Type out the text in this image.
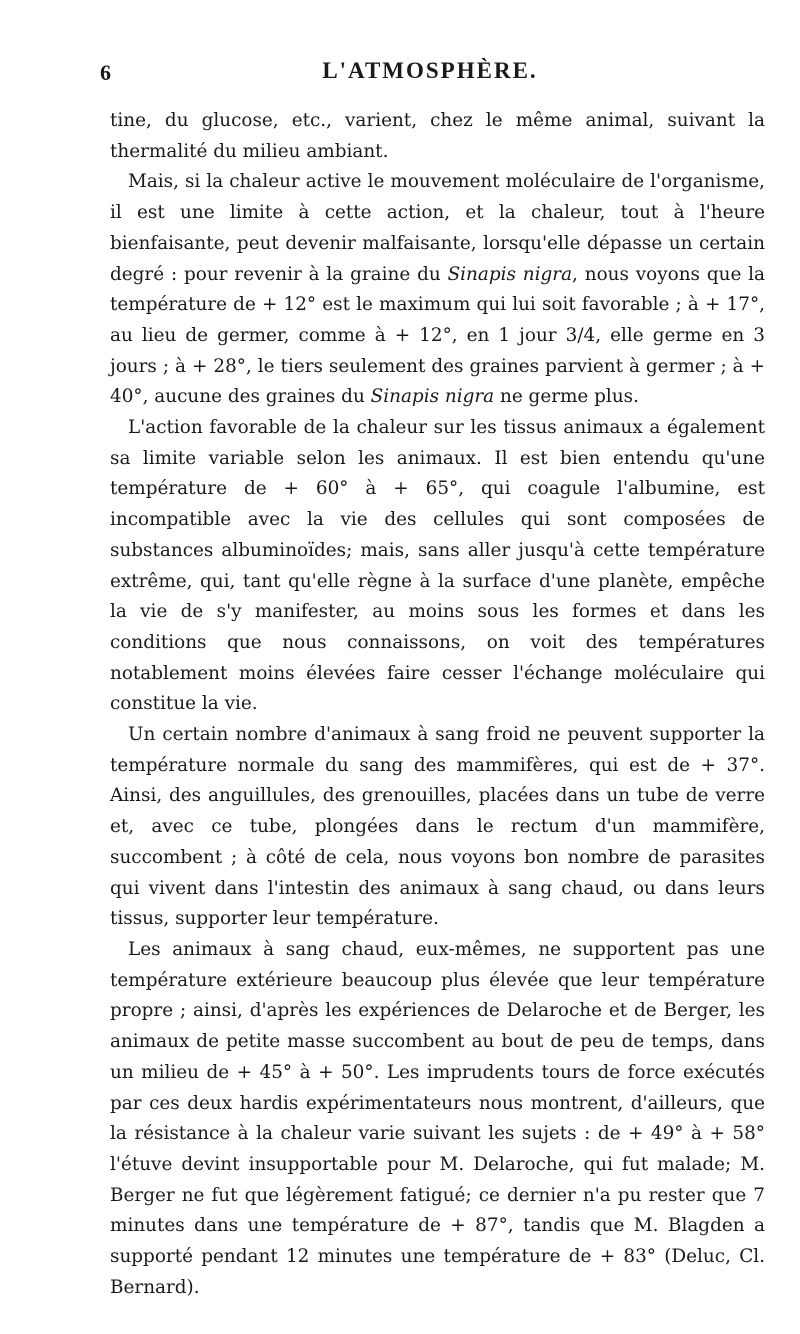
6	L'ATMOSPHÈRE.

tine, du glucose, etc., varient, chez le même animal, suivant la thermalité du milieu ambiant.

Mais, si la chaleur active le mouvement moléculaire de l'organisme, il est une limite à cette action, et la chaleur, tout à l'heure bienfaisante, peut devenir malfaisante, lorsqu'elle dépasse un certain degré : pour revenir à la graine du Sinapis nigra, nous voyons que la température de + 12° est le maximum qui lui soit favorable ; à + 17°, au lieu de germer, comme à + 12°, en 1 jour 3/4, elle germe en 3 jours ; à + 28°, le tiers seulement des graines parvient à germer ; à + 40°, aucune des graines du Sinapis nigra ne germe plus.

L'action favorable de la chaleur sur les tissus animaux a également sa limite variable selon les animaux. Il est bien entendu qu'une température de + 60° à + 65°, qui coagule l'albumine, est incompatible avec la vie des cellules qui sont composées de substances albuminoïdes; mais, sans aller jusqu'à cette température extrême, qui, tant qu'elle règne à la surface d'une planète, empêche la vie de s'y manifester, au moins sous les formes et dans les conditions que nous connaissons, on voit des températures notablement moins élevées faire cesser l'échange moléculaire qui constitue la vie.

Un certain nombre d'animaux à sang froid ne peuvent supporter la température normale du sang des mammifères, qui est de + 37°. Ainsi, des anguillules, des grenouilles, placées dans un tube de verre et, avec ce tube, plongées dans le rectum d'un mammifère, succombent ; à côté de cela, nous voyons bon nombre de parasites qui vivent dans l'intestin des animaux à sang chaud, ou dans leurs tissus, supporter leur température.

Les animaux à sang chaud, eux-mêmes, ne supportent pas une température extérieure beaucoup plus élevée que leur température propre ; ainsi, d'après les expériences de Delaroche et de Berger, les animaux de petite masse succombent au bout de peu de temps, dans un milieu de + 45° à + 50°. Les imprudents tours de force exécutés par ces deux hardis expérimentateurs nous montrent, d'ailleurs, que la résistance à la chaleur varie suivant les sujets : de + 49° à + 58° l'étuve devint insupportable pour M. Delaroche, qui fut malade; M. Berger ne fut que légèrement fatigué; ce dernier n'a pu rester que 7 minutes dans une température de + 87°, tandis que M. Blagden a supporté pendant 12 minutes une température de + 83° (Deluc, Cl. Bernard).
